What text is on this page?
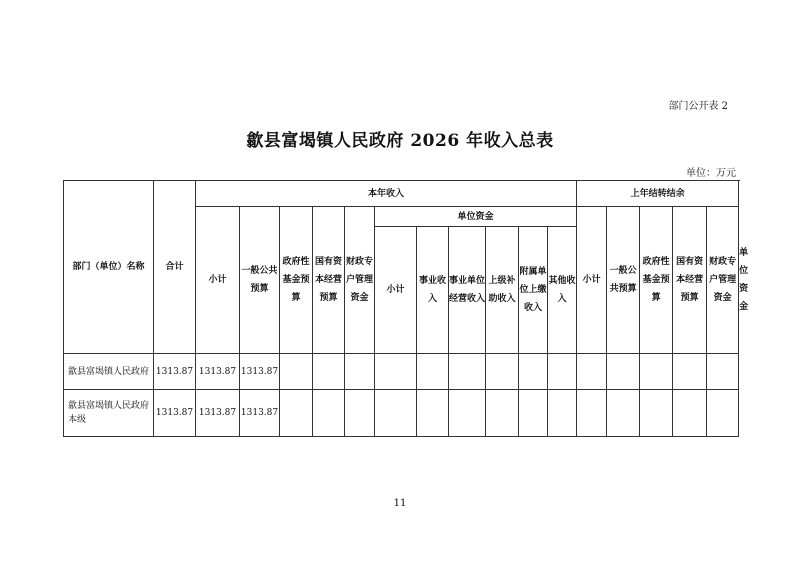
部门公开表 2
歙县富堨镇人民政府 2026 年收入总表
单位：万元
部门（单位）名称	合计	本年收入											上年结转结余					
		小计	一般公共预算	政府性基金预算	国有资本经营预算	财政专户管理资金	单位资金						小计	一般公共预算	政府性基金预算	国有资本经营预算	财政专户管理资金	单位资金
							小计	事业收入	事业单位经营收入	上级补助收入	附属单位上缴收入	其他收入						
歙县富堨镇人民政府	1313.87	1313.87	1313.87															
歙县富堨镇人民政府本级	1313.87	1313.87	1313.87															
11
